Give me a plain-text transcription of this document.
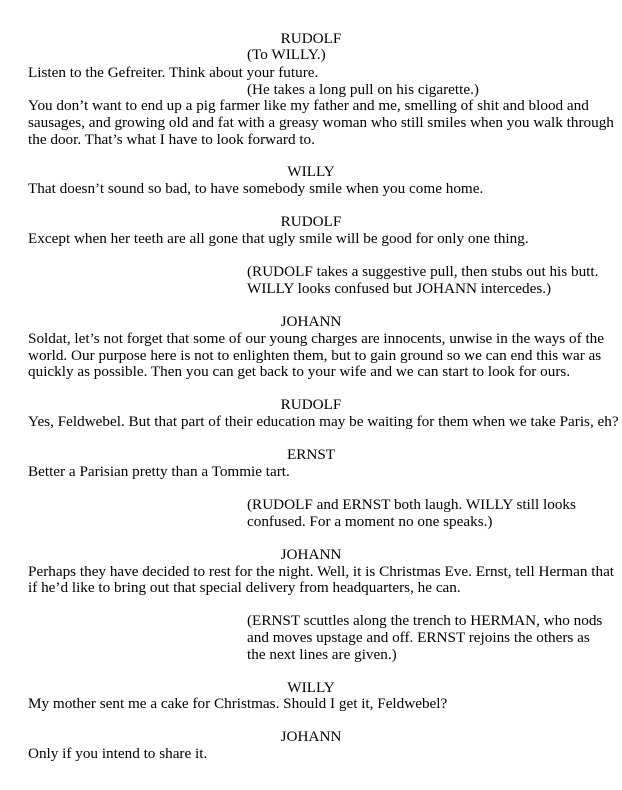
RUDOLF

(To WILLY.)

Listen to the Gefreiter. Think about your future.

(He takes a long pull on his cigarette.)

You don’t want to end up a pig farmer like my father and me, smelling of shit and blood and

sausages, and growing old and fat with a greasy woman who still smiles when you walk through

the door. That’s what I have to look forward to.

WILLY

That doesn’t sound so bad, to have somebody smile when you come home.

RUDOLF

Except when her teeth are all gone that ugly smile will be good for only one thing.

(RUDOLF takes a suggestive pull, then stubs out his butt.

WILLY looks confused but JOHANN intercedes.)

JOHANN

Soldat, let’s not forget that some of our young charges are innocents, unwise in the ways of the

world. Our purpose here is not to enlighten them, but to gain ground so we can end this war as

quickly as possible. Then you can get back to your wife and we can start to look for ours.

RUDOLF

Yes, Feldwebel. But that part of their education may be waiting for them when we take Paris, eh?

ERNST

Better a Parisian pretty than a Tommie tart.

(RUDOLF and ERNST both laugh. WILLY still looks

confused. For a moment no one speaks.)

JOHANN

Perhaps they have decided to rest for the night. Well, it is Christmas Eve. Ernst, tell Herman that

if he’d like to bring out that special delivery from headquarters, he can.

(ERNST scuttles along the trench to HERMAN, who nods

and moves upstage and off. ERNST rejoins the others as

the next lines are given.)

WILLY

My mother sent me a cake for Christmas. Should I get it, Feldwebel?

JOHANN

Only if you intend to share it.
